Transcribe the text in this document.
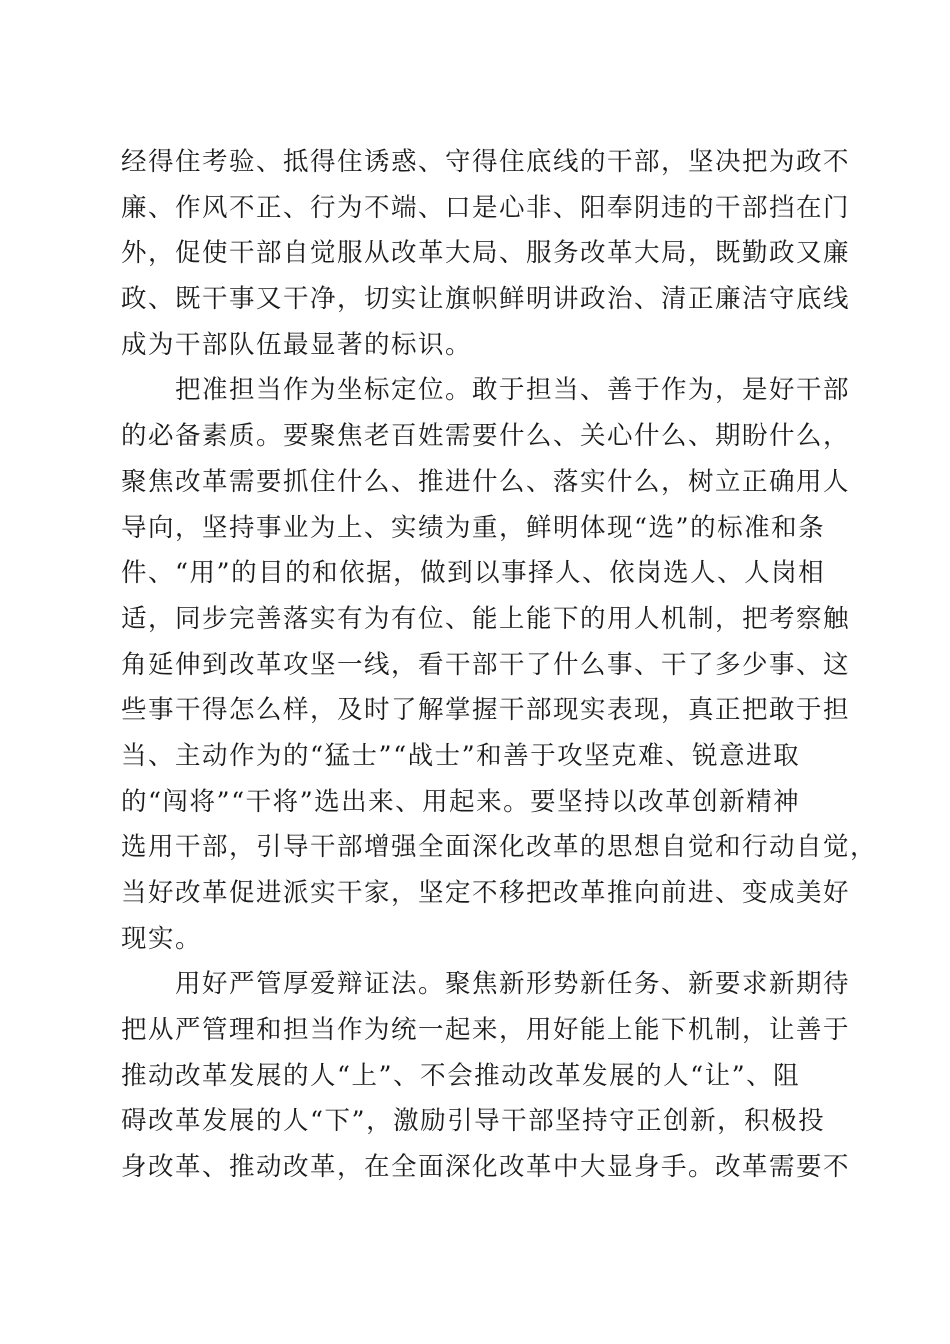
经得住考验、抵得住诱惑、守得住底线的干部，坚决把为政不
廉、作风不正、行为不端、口是心非、阳奉阴违的干部挡在门
外，促使干部自觉服从改革大局、服务改革大局，既勤政又廉
政、既干事又干净，切实让旗帜鲜明讲政治、清正廉洁守底线
成为干部队伍最显著的标识。
　　把准担当作为坐标定位。敢于担当、善于作为，是好干部
的必备素质。要聚焦老百姓需要什么、关心什么、期盼什么，
聚焦改革需要抓住什么、推进什么、落实什么，树立正确用人
导向，坚持事业为上、实绩为重，鲜明体现“选”的标准和条
件、“用”的目的和依据，做到以事择人、依岗选人、人岗相
适，同步完善落实有为有位、能上能下的用人机制，把考察触
角延伸到改革攻坚一线，看干部干了什么事、干了多少事、这
些事干得怎么样，及时了解掌握干部现实表现，真正把敢于担
当、主动作为的“猛士”“战士”和善于攻坚克难、锐意进取
的“闯将”“干将”选出来、用起来。要坚持以改革创新精神
选用干部，引导干部增强全面深化改革的思想自觉和行动自觉，
当好改革促进派实干家，坚定不移把改革推向前进、变成美好
现实。
　　用好严管厚爱辩证法。聚焦新形势新任务、新要求新期待
把从严管理和担当作为统一起来，用好能上能下机制，让善于
推动改革发展的人“上”、不会推动改革发展的人“让”、阻
碍改革发展的人“下”，激励引导干部坚持守正创新，积极投
身改革、推动改革，在全面深化改革中大显身手。改革需要不
